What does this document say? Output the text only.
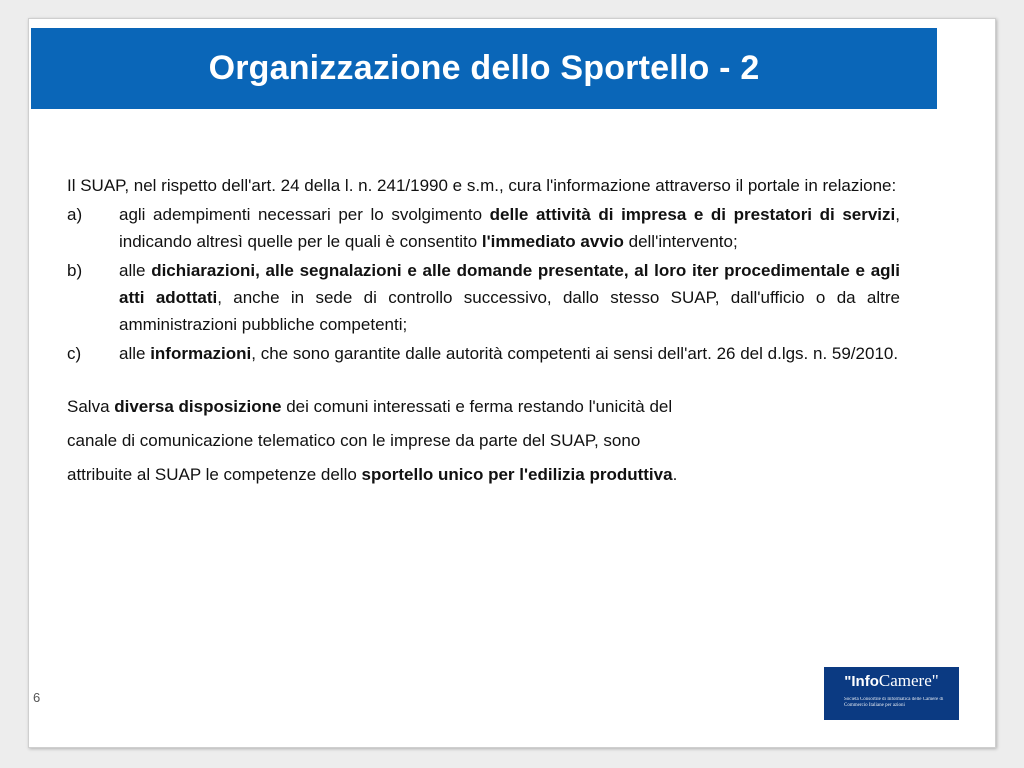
Organizzazione dello Sportello - 2

Il SUAP, nel rispetto dell'art. 24 della l. n. 241/1990 e s.m., cura l'informazione attraverso il portale in relazione:

a)	agli adempimenti necessari per lo svolgimento delle attività di impresa e di prestatori di servizi, indicando altresì quelle per le quali è consentito l'immediato avvio dell'intervento;
b)	alle dichiarazioni, alle segnalazioni e alle domande presentate, al loro iter procedimentale e agli atti adottati, anche in sede di controllo successivo, dallo stesso SUAP, dall'ufficio o da altre amministrazioni pubbliche competenti;
c)	alle informazioni, che sono garantite dalle autorità competenti ai sensi dell'art. 26 del d.lgs. n. 59/2010.
Salva diversa disposizione dei comuni interessati e ferma restando l'unicità del
canale di comunicazione telematico con le imprese da parte del SUAP, sono
attribuite al SUAP le competenze dello sportello unico per l'edilizia produttiva.
6
"InfoCamere"
Società Consortile di Informatica delle Camere di Commercio Italiane per azioni
